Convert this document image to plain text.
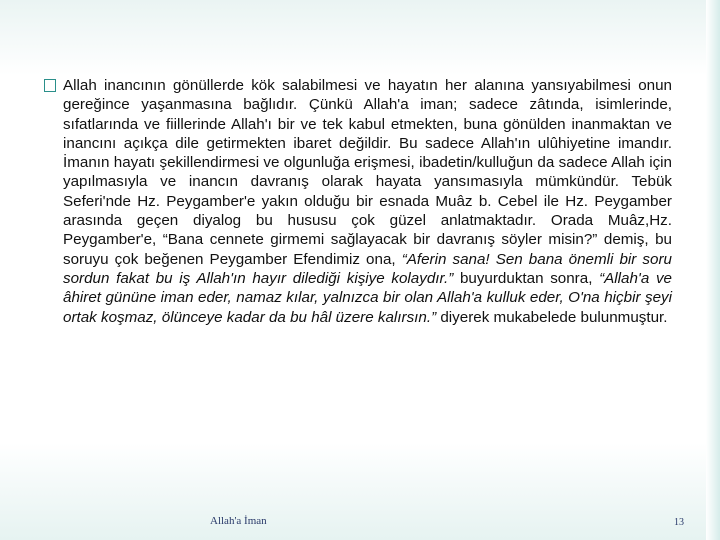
Allah inancının gönüllerde kök salabilmesi ve hayatın her alanına yansıyabilmesi onun gereğince yaşanmasına bağlıdır. Çünkü Allah'a iman; sadece zâtında, isimlerinde, sıfatlarında ve fiillerinde Allah'ı bir ve tek kabul etmekten, buna gönülden inanmaktan ve inancını açıkça dile getirmekten ibaret değildir. Bu sadece Allah'ın ulûhiyetine imandır. İmanın hayatı şekillendirmesi ve olgunluğa erişmesi, ibadetin/kulluğun da sadece Allah için yapılmasıyla ve inancın davranış olarak hayata yansımasıyla mümkündür. Tebük Seferi'nde Hz. Peygamber'e yakın olduğu bir esnada Muâz b. Cebel ile Hz. Peygamber arasında geçen diyalog bu hususu çok güzel anlatmaktadır. Orada Muâz,Hz. Peygamber'e, “Bana cennete girmemi sağlayacak bir davranış söyler misin?” demiş, bu soruyu çok beğenen Peygamber Efendimiz ona, “Aferin sana! Sen bana önemli bir soru sordun fakat bu iş Allah'ın hayır dilediği kişiye kolaydır.” buyurduktan sonra, “Allah'a ve âhiret gününe iman eder, namaz kılar, yalnızca bir olan Allah'a kulluk eder, O'na hiçbir şeyi ortak koşmaz, ölünceye kadar da bu hâl üzere kalırsın.” diyerek mukabelede bulunmuştur.
Allah'a İman	13
